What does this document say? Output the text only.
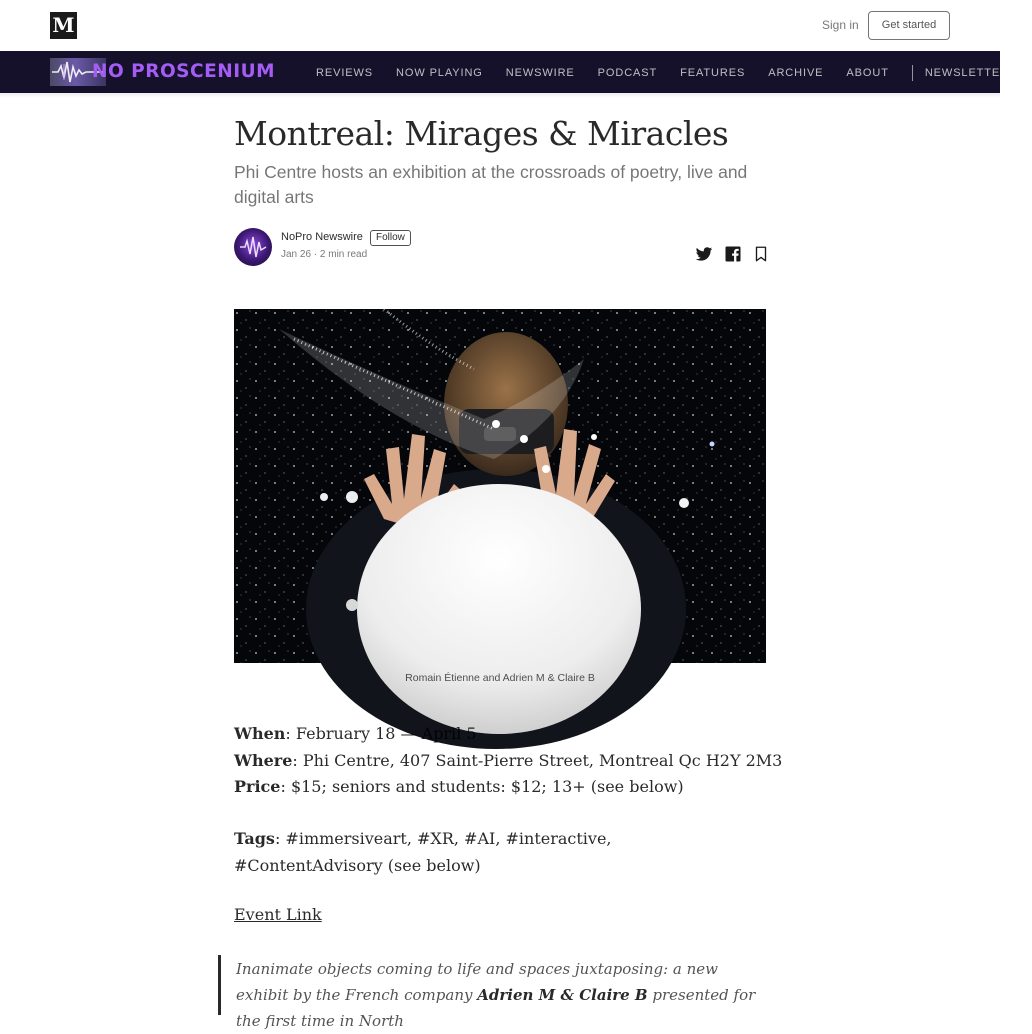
M	Sign in	Get started
NO PROSCENIUM	REVIEWS NOW PLAYING NEWSWIRE PODCAST FEATURES ARCHIVE ABOUT	NEWSLETTER
Montreal: Mirages & Miracles
Phi Centre hosts an exhibition at the crossroads of poetry, live and digital arts
NoPro Newswire	Follow
Jan 26 · 2 min read
Romain Étienne and Adrien M & Claire B
When: February 18 — April 5
Where: Phi Centre, 407 Saint-Pierre Street, Montreal Qc H2Y 2M3
Price: $15; seniors and students: $12; 13+ (see below)
Tags: #immersiveart, #XR, #AI, #interactive, #ContentAdvisory (see below)
Event Link
Inanimate objects coming to life and spaces juxtaposing: a new exhibit by the French company Adrien M & Claire B presented for the first time in North
